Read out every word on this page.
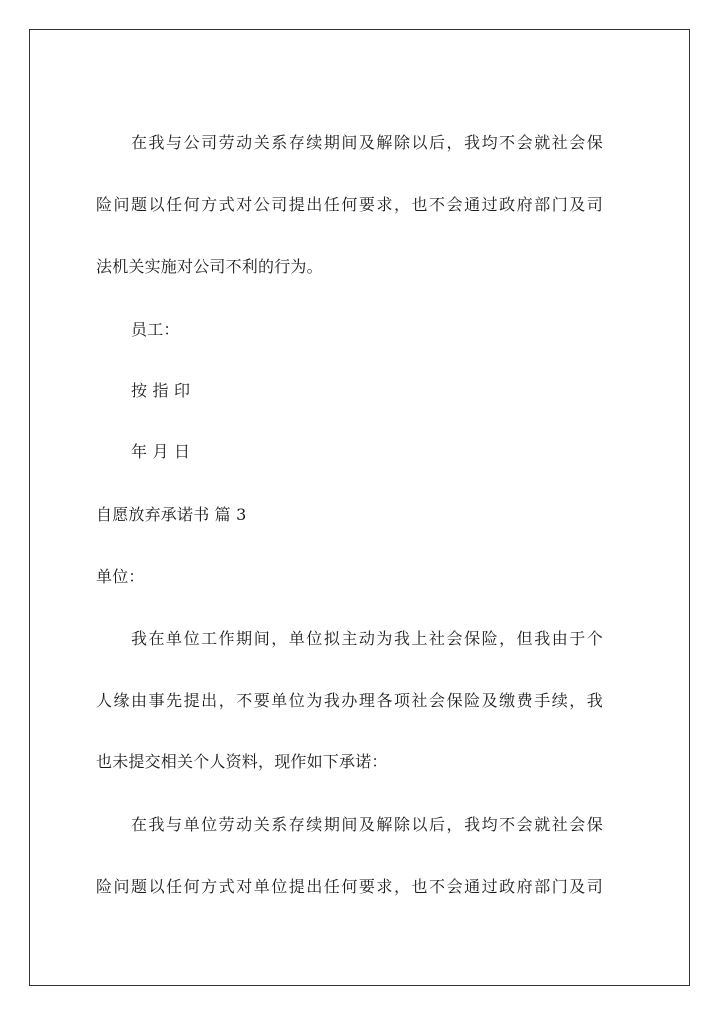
在我与公司劳动关系存续期间及解除以后，我均不会就社会保
险问题以任何方式对公司提出任何要求，也不会通过政府部门及司
法机关实施对公司不利的行为。
员工：
按 指 印
年 月 日
自愿放弃承诺书 篇 3
单位：
我在单位工作期间，单位拟主动为我上社会保险，但我由于个
人缘由事先提出，不要单位为我办理各项社会保险及缴费手续，我
也未提交相关个人资料，现作如下承诺：
在我与单位劳动关系存续期间及解除以后，我均不会就社会保
险问题以任何方式对单位提出任何要求，也不会通过政府部门及司
